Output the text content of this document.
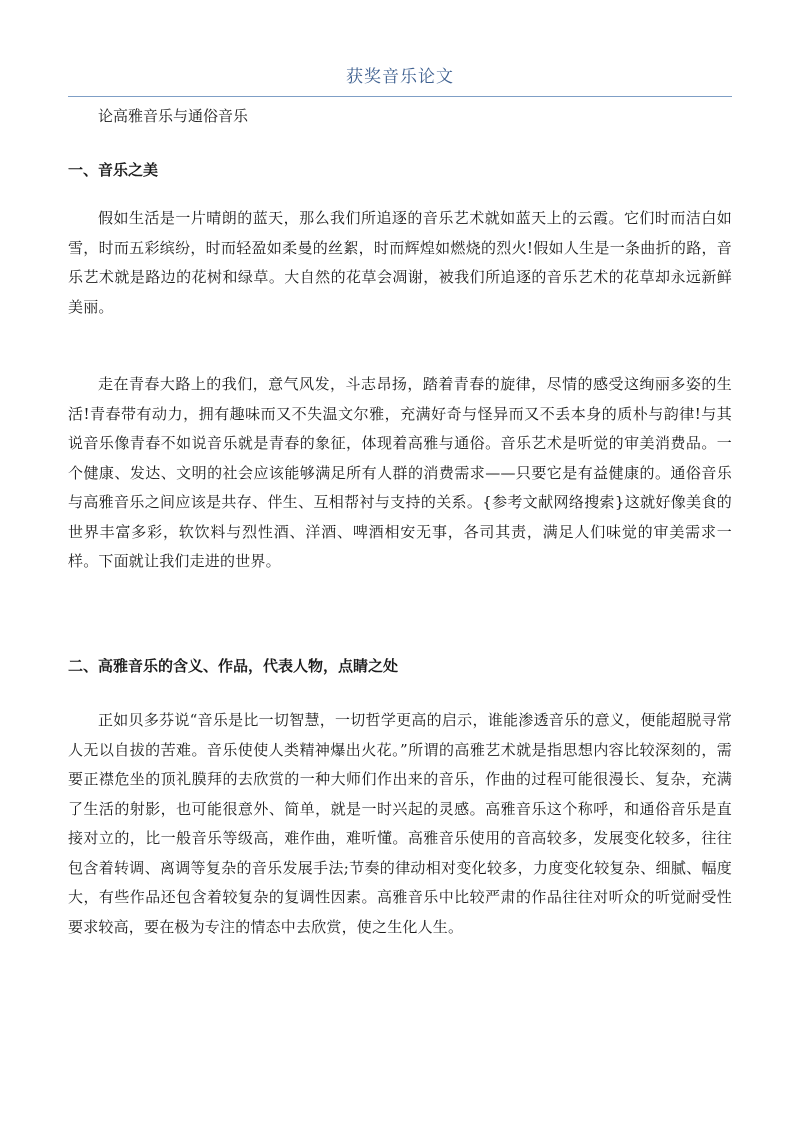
获奖音乐论文

论高雅音乐与通俗音乐

一、音乐之美

假如生活是一片晴朗的蓝天，那么我们所追逐的音乐艺术就如蓝天上的云霞。它们时而洁白如雪，时而五彩缤纷，时而轻盈如柔曼的丝絮，时而辉煌如燃烧的烈火!假如人生是一条曲折的路，音乐艺术就是路边的花树和绿草。大自然的花草会凋谢，被我们所追逐的音乐艺术的花草却永远新鲜美丽。

走在青春大路上的我们，意气风发，斗志昂扬，踏着青春的旋律，尽情的感受这绚丽多姿的生活!青春带有动力，拥有趣味而又不失温文尔雅，充满好奇与怪异而又不丢本身的质朴与韵律!与其说音乐像青春不如说音乐就是青春的象征，体现着高雅与通俗。音乐艺术是听觉的审美消费品。一个健康、发达、文明的社会应该能够满足所有人群的消费需求——只要它是有益健康的。通俗音乐与高雅音乐之间应该是共存、伴生、互相帮衬与支持的关系。{参考文献网络搜索}这就好像美食的世界丰富多彩，软饮料与烈性酒、洋酒、啤酒相安无事，各司其责，满足人们味觉的审美需求一样。下面就让我们走进的世界。

二、高雅音乐的含义、作品，代表人物，点睛之处

正如贝多芬说“音乐是比一切智慧，一切哲学更高的启示，谁能渗透音乐的意义，便能超脱寻常人无以自拔的苦难。音乐使使人类精神爆出火花。”所谓的高雅艺术就是指思想内容比较深刻的，需要正襟危坐的顶礼膜拜的去欣赏的一种大师们作出来的音乐，作曲的过程可能很漫长、复杂，充满了生活的射影，也可能很意外、简单，就是一时兴起的灵感。高雅音乐这个称呼，和通俗音乐是直接对立的，比一般音乐等级高，难作曲，难听懂。高雅音乐使用的音高较多，发展变化较多，往往包含着转调、离调等复杂的音乐发展手法;节奏的律动相对变化较多，力度变化较复杂、细腻、幅度大，有些作品还包含着较复杂的复调性因素。高雅音乐中比较严肃的作品往往对听众的听觉耐受性要求较高，要在极为专注的情态中去欣赏，使之生化人生。
